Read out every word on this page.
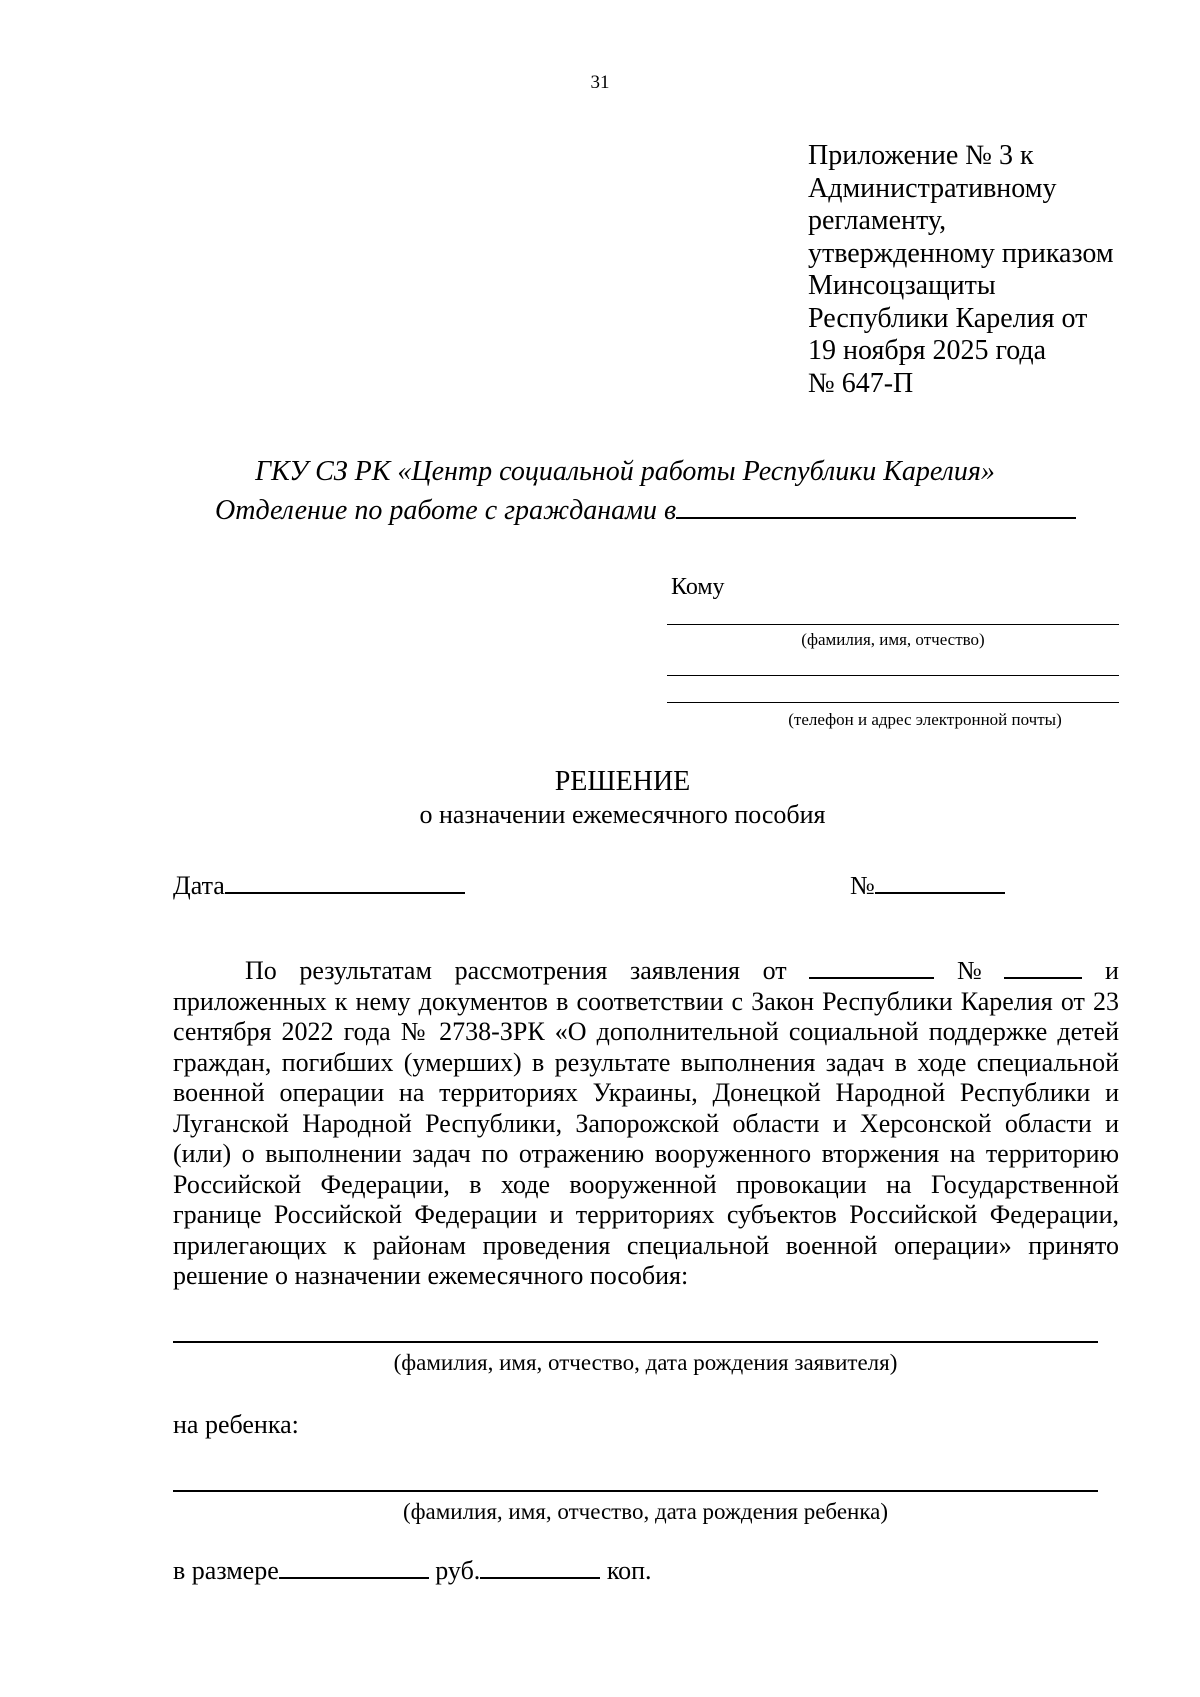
31
Приложение № 3 к
Административному
регламенту,
утвержденному приказом
Минсоцзащиты
Республики Карелия от
19 ноября 2025 года
№ 647-П
ГКУ СЗ РК «Центр социальной работы Республики Карелия»
Отделение по работе с гражданами в
Кому
(фамилия, имя, отчество)
(телефон и адрес электронной почты)
РЕШЕНИЕ
о назначении ежемесячного пособия
Дата	№
По результатам рассмотрения заявления от	№	и
приложенных к нему документов в соответствии с Закон Республики Карелия от 23 сентября 2022 года № 2738-ЗРК «О дополнительной социальной поддержке детей граждан, погибших (умерших) в результате выполнения задач в ходе специальной военной операции на территориях Украины, Донецкой Народной Республики и Луганской Народной Республики, Запорожской области и Херсонской области и (или) о выполнении задач по отражению вооруженного вторжения на территорию Российской Федерации, в ходе вооруженной провокации на Государственной границе Российской Федерации и территориях субъектов Российской Федерации, прилегающих к районам проведения специальной военной операции» принято решение о назначении ежемесячного пособия:
(фамилия, имя, отчество, дата рождения заявителя)
на ребенка:
(фамилия, имя, отчество, дата рождения ребенка)
в размере	руб.	коп.
